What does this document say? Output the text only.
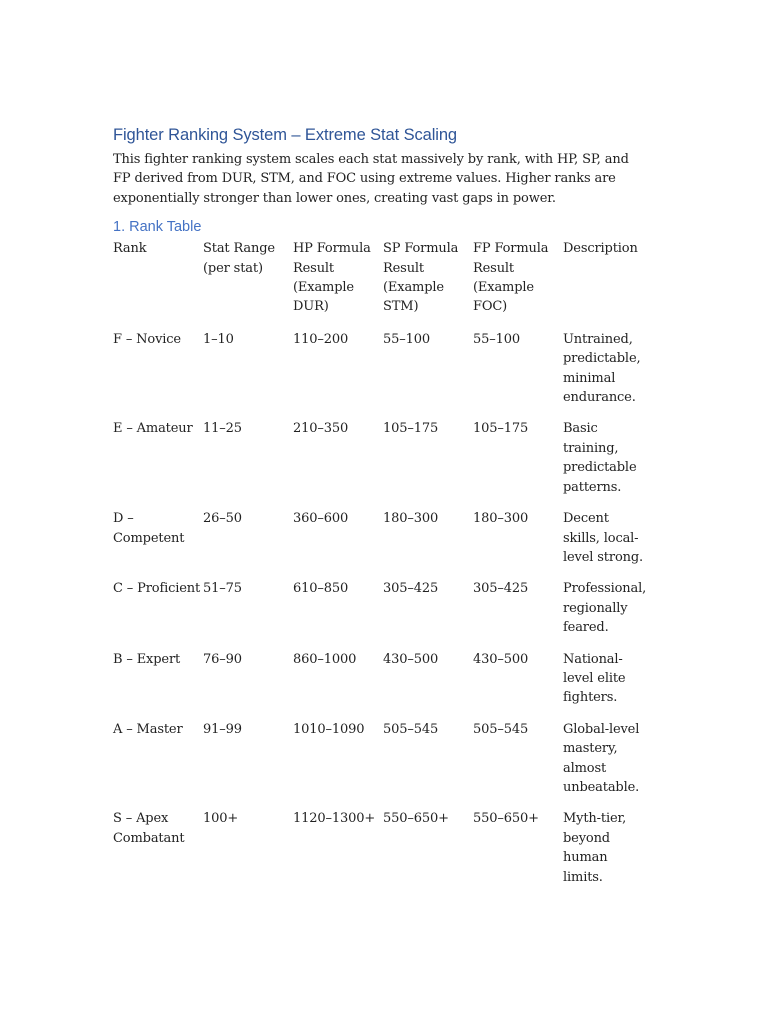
Fighter Ranking System – Extreme Stat Scaling

This fighter ranking system scales each stat massively by rank, with HP, SP, and FP derived from DUR, STM, and FOC using extreme values. Higher ranks are exponentially stronger than lower ones, creating vast gaps in power.

1. Rank Table
Rank	Stat Range (per stat)	HP Formula Result (Example DUR)	SP Formula Result (Example STM)	FP Formula Result (Example FOC)	Description
F – Novice	1–10	110–200	55–100	55–100	Untrained, predictable, minimal endurance.
E – Amateur	11–25	210–350	105–175	105–175	Basic training, predictable patterns.
D – Competent	26–50	360–600	180–300	180–300	Decent skills, local-level strong.
C – Proficient	51–75	610–850	305–425	305–425	Professional, regionally feared.
B – Expert	76–90	860–1000	430–500	430–500	National-level elite fighters.
A – Master	91–99	1010–1090	505–545	505–545	Global-level mastery, almost unbeatable.
S – Apex Combatant	100+	1120–1300+	550–650+	550–650+	Myth-tier, beyond human limits.
